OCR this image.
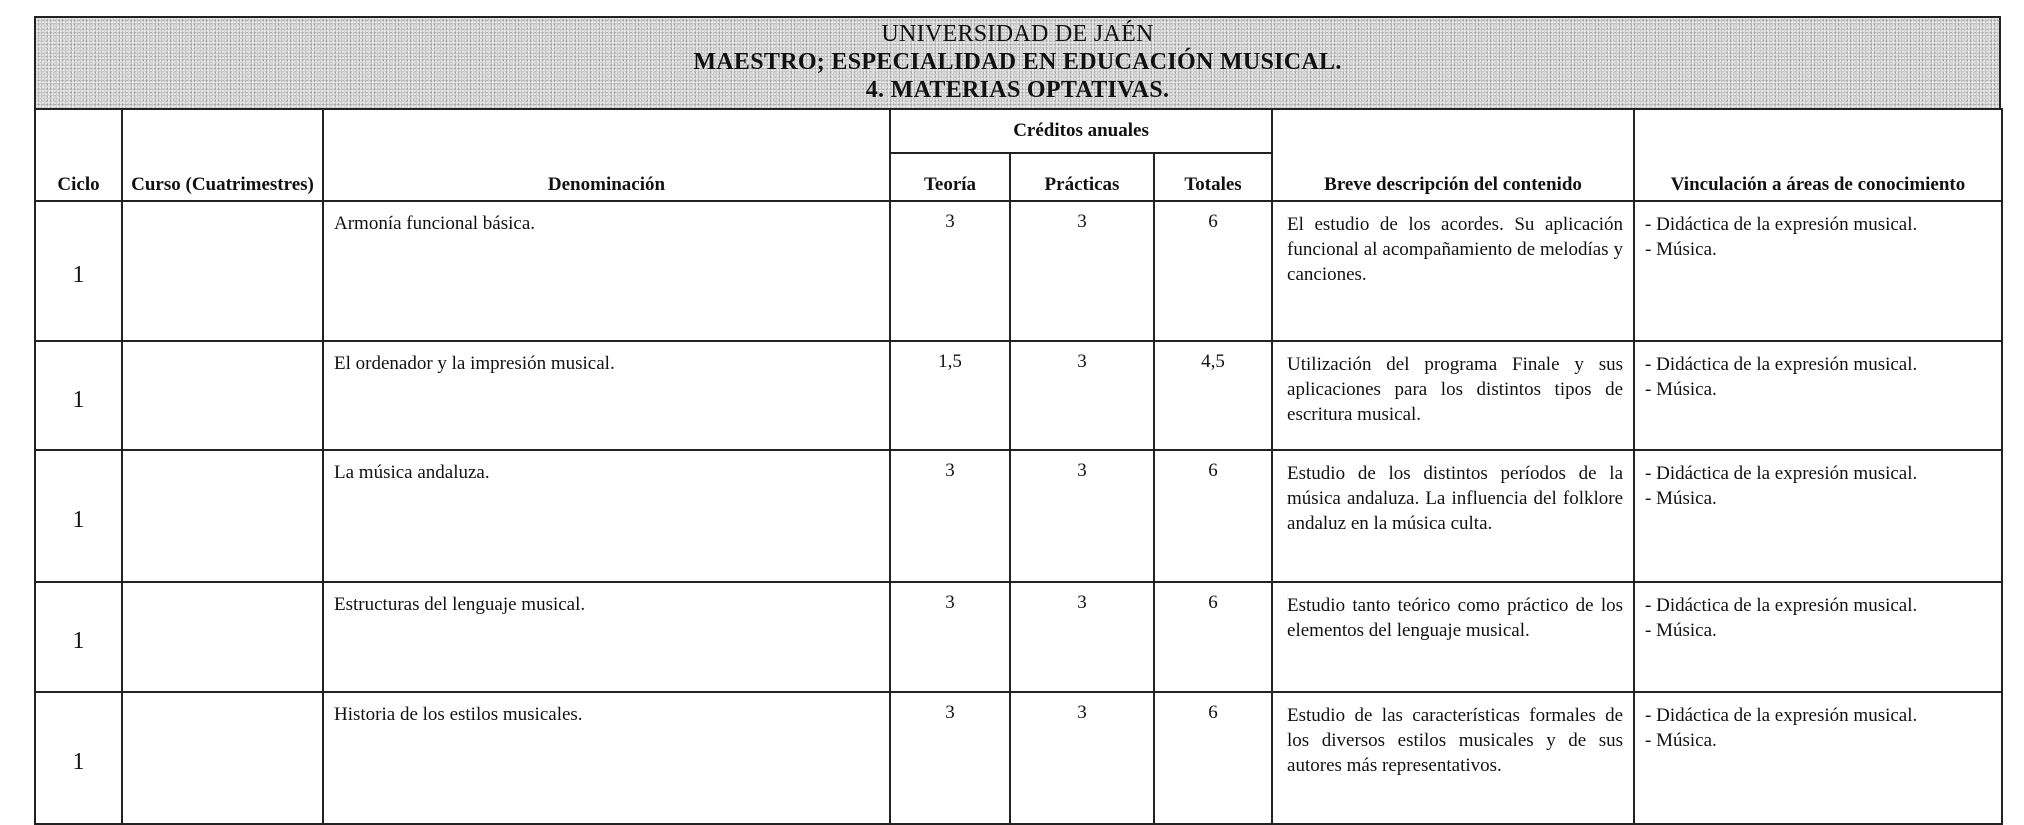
UNIVERSIDAD DE JAÉN
MAESTRO; ESPECIALIDAD EN EDUCACIÓN MUSICAL.
4. MATERIAS OPTATIVAS.
Ciclo	Curso (Cuatrimestres)	Denominación	Créditos anuales			Breve descripción del contenido	Vinculación a áreas de conocimiento
			Teoría	Prácticas	Totales		
1		Armonía funcional básica.	3	3	6	El estudio de los acordes. Su aplicación funcional al acompañamiento de melodías y canciones.	- Didáctica de la expresión musical.
- Música.

1		El ordenador y la impresión musical.	1,5	3	4,5	Utilización del programa Finale y sus aplicaciones para los distintos tipos de escritura musical.	- Didáctica de la expresión musical.
- Música.

1		La música andaluza.	3	3	6	Estudio de los distintos períodos de la música andaluza. La influencia del folklore andaluz en la música culta.	- Didáctica de la expresión musical.
- Música.

1		Estructuras del lenguaje musical.	3	3	6	Estudio tanto teórico como práctico de los elementos del lenguaje musical.	- Didáctica de la expresión musical.
- Música.

1		Historia de los estilos musicales.	3	3	6	Estudio de las características formales de los diversos estilos musicales y de sus autores más representativos.	- Didáctica de la expresión musical.
- Música.
